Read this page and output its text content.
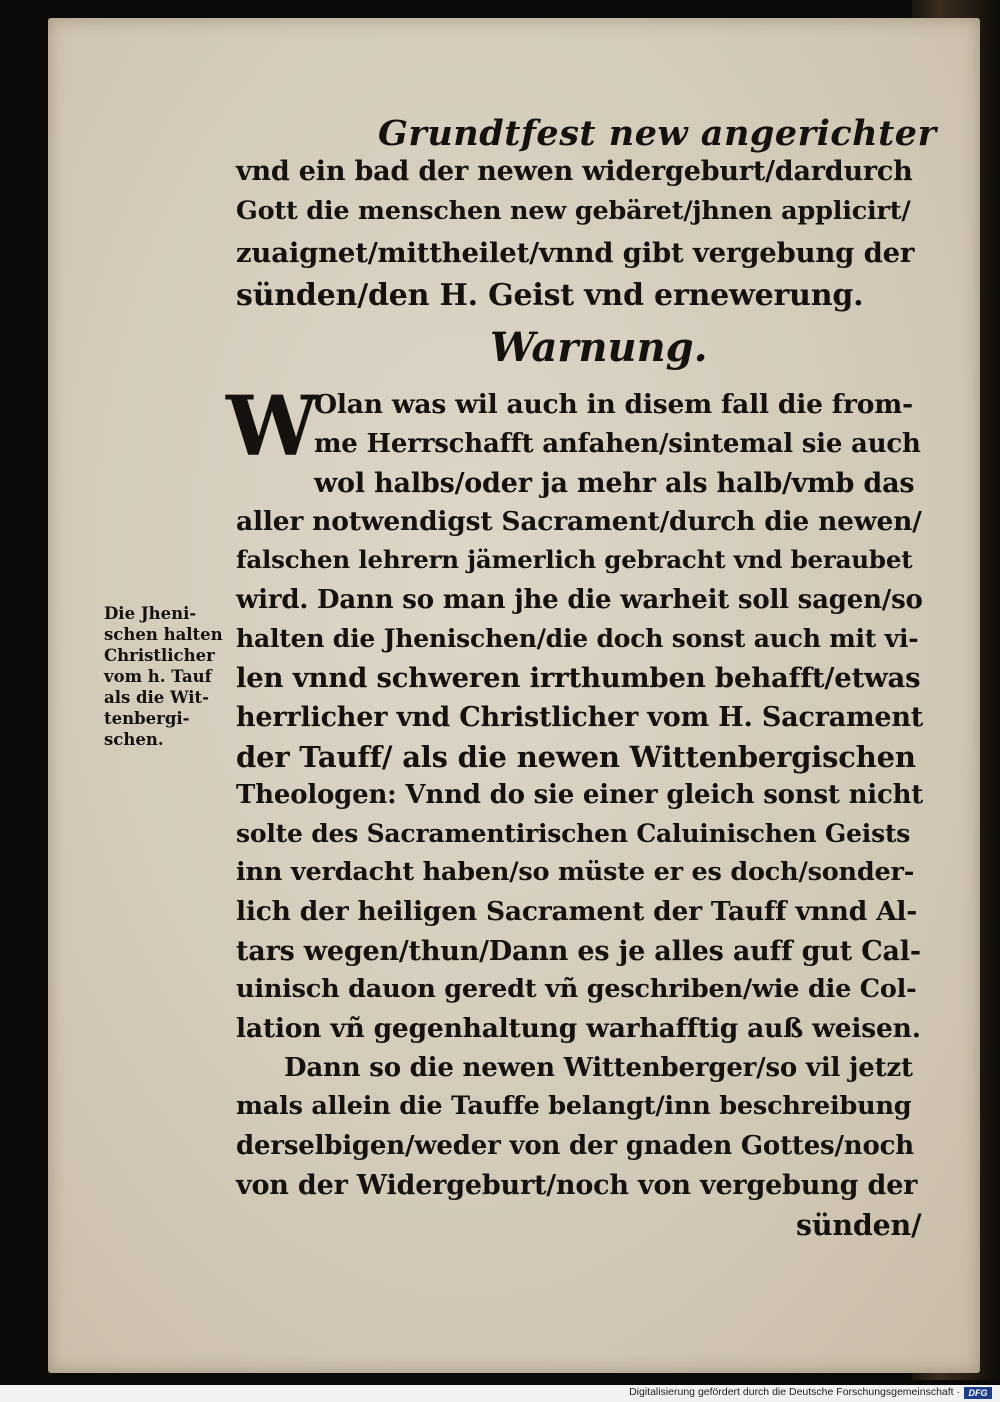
Grundtfest new angerichter

vnd ein bad der newen widergeburt/dardurch

Gott die menschen new gebäret/jhnen applicirt/

zuaignet/mittheilet/vnnd gibt vergebung der

sünden/den H. Geist vnd ernewerung.

Warnung.

W

Olan was wil auch in disem fall die from-

me Herrschafft anfahen/sintemal sie auch

wol halbs/oder ja mehr als halb/vmb das

aller notwendigst Sacrament/durch die newen/

falschen lehrern jämerlich gebracht vnd beraubet

wird. Dann so man jhe die warheit soll sagen/so

halten die Jhenischen/die doch sonst auch mit vi-

len vnnd schweren irrthumben behafft/etwas

herrlicher vnd Christlicher vom H. Sacrament

der Tauff/ als die newen Wittenbergischen

Theologen: Vnnd do sie einer gleich sonst nicht

solte des Sacramentirischen Caluinischen Geists

inn verdacht haben/so müste er es doch/sonder-

lich der heiligen Sacrament der Tauff vnnd Al-

tars wegen/thun/Dann es je alles auff gut Cal-

uinisch dauon geredt vñ geschriben/wie die Col-

lation vñ gegenhaltung warhafftig auß weisen.

Dann so die newen Wittenberger/so vil jetzt

mals allein die Tauffe belangt/inn beschreibung

derselbigen/weder von der gnaden Gottes/noch

von der Widergeburt/noch von vergebung der

sünden/

Die Jheni-

schen halten

Christlicher

vom h. Tauf

als die Wit-

tenbergi-

schen.

Digitalisierung gefördert durch die Deutsche Forschungsgemeinschaft · DFG
